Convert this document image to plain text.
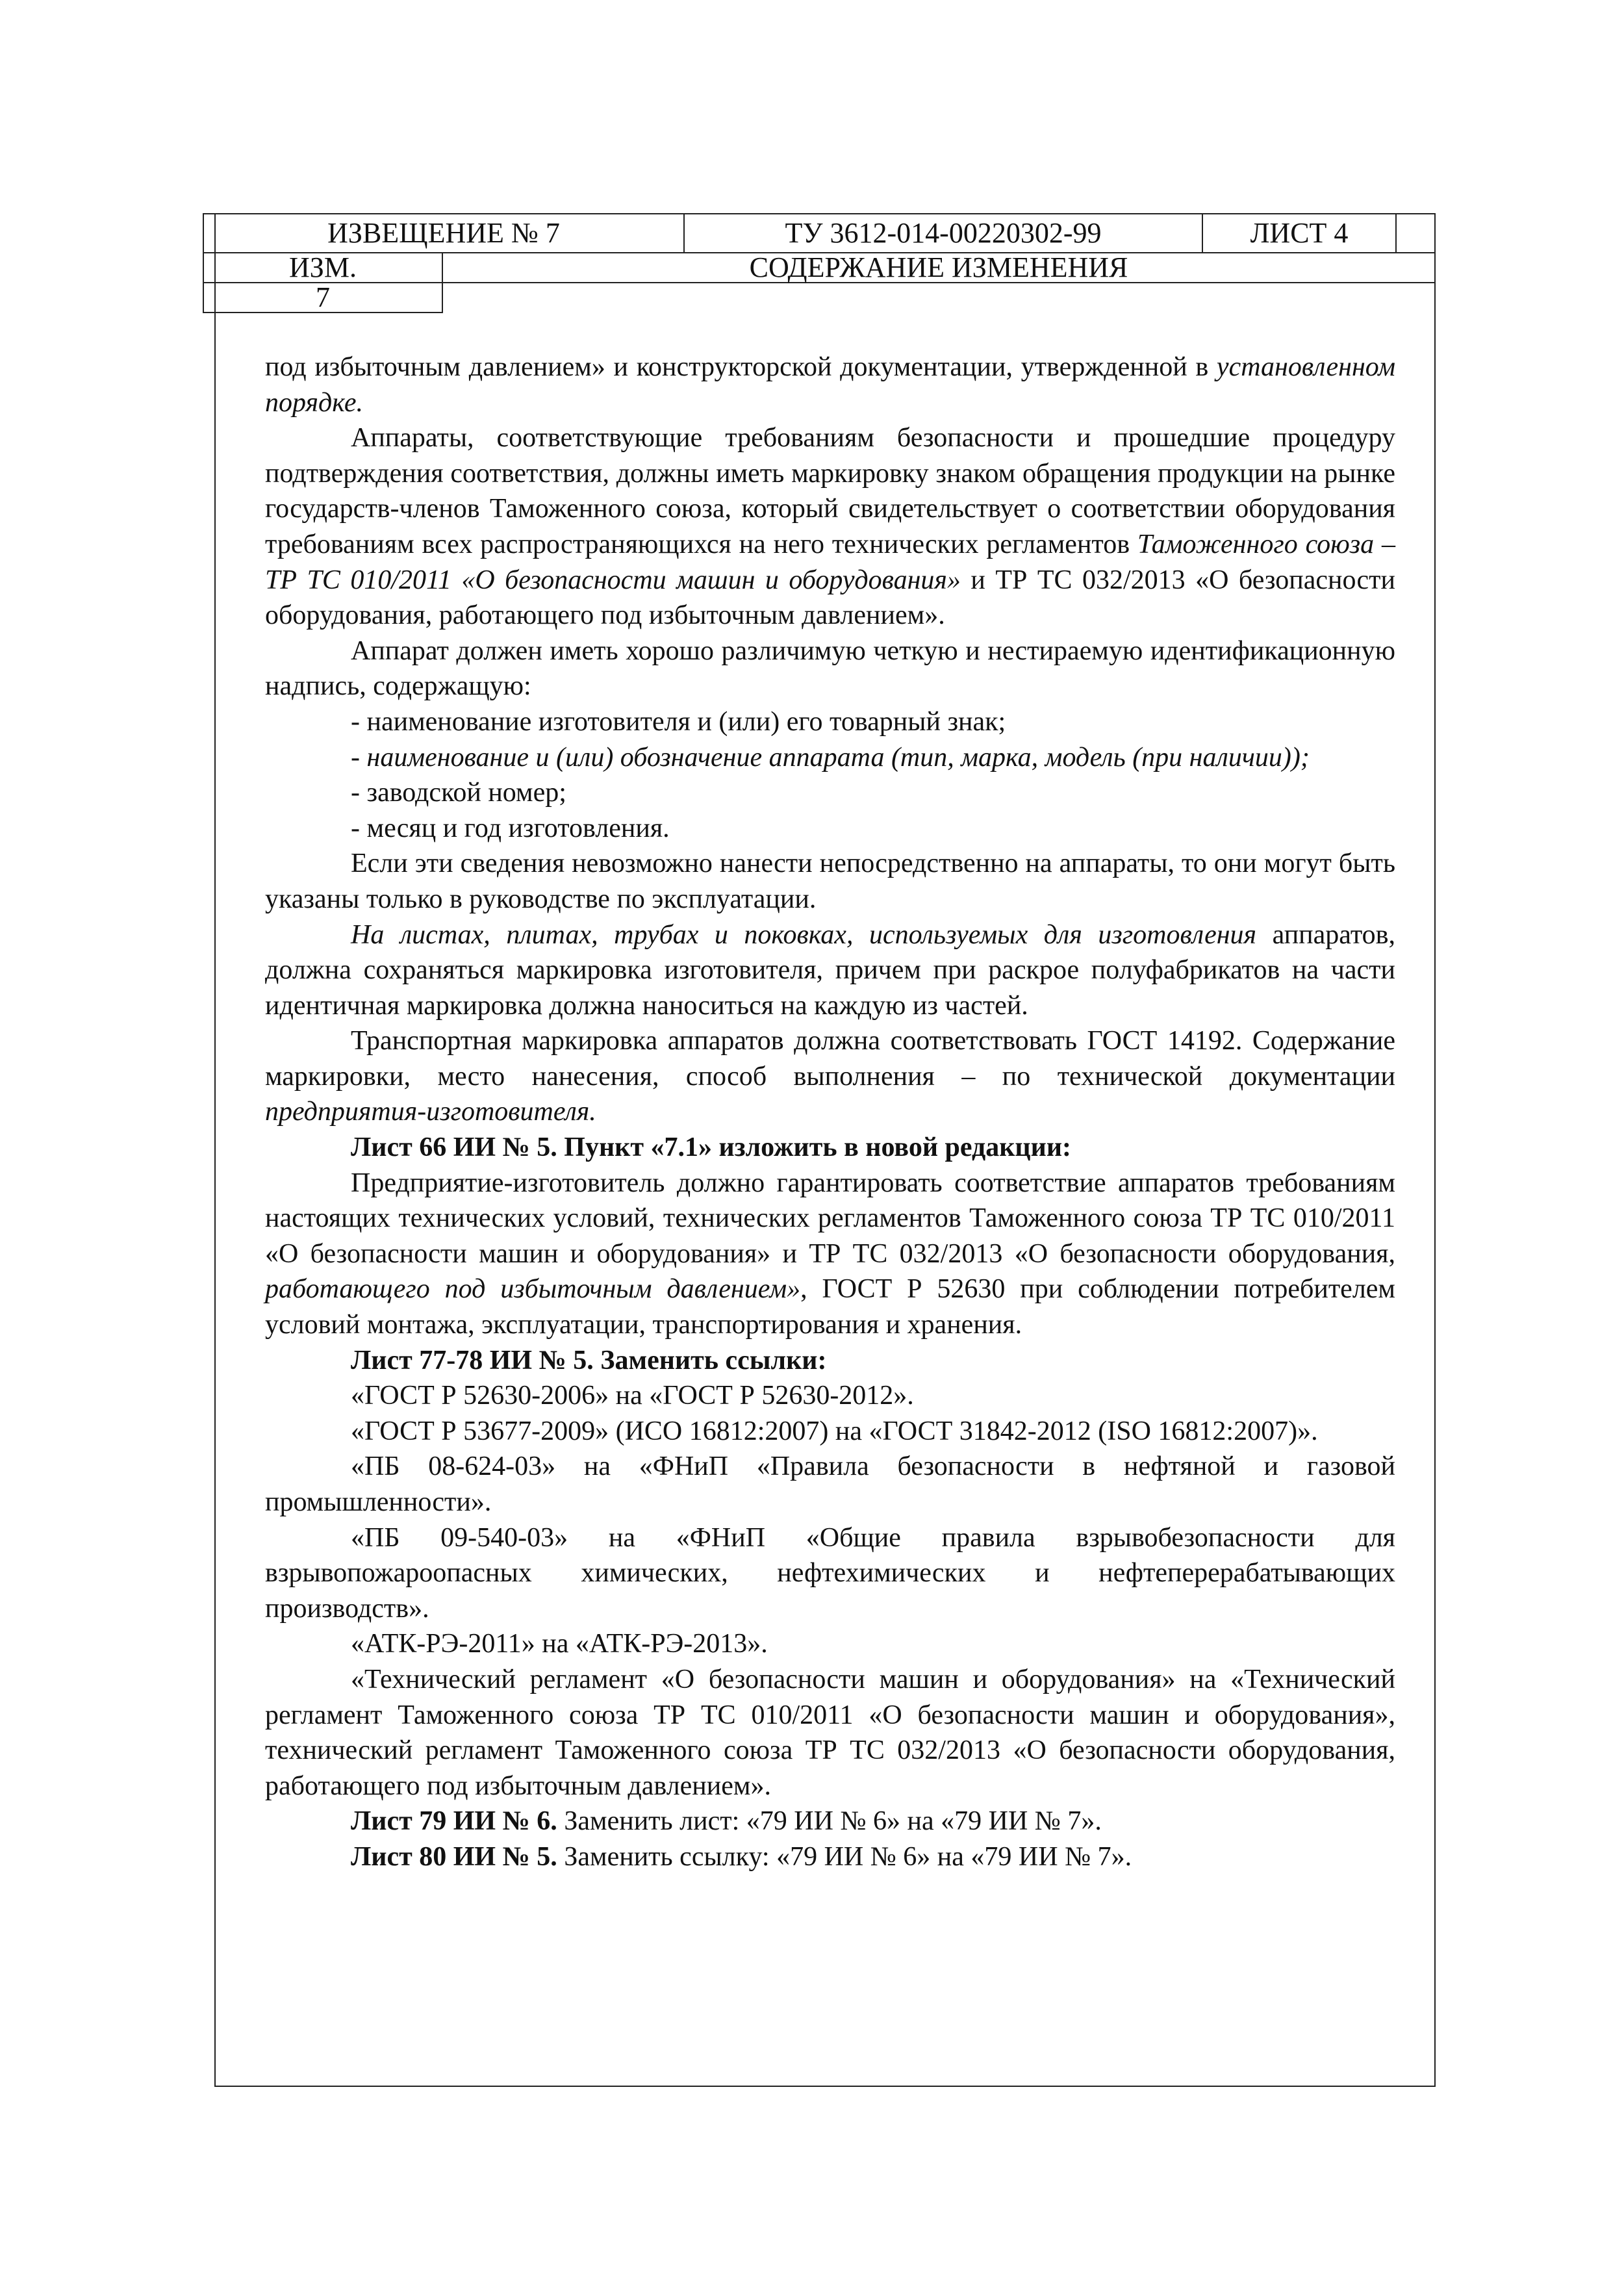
ИЗВЕЩЕНИЕ № 7	ТУ 3612-014-00220302-99	ЛИСТ 4
ИЗМ.	СОДЕРЖАНИЕ ИЗМЕНЕНИЯ
7

под избыточным давлением» и конструкторской документации, утвержденной в установленном порядке.

Аппараты, соответствующие требованиям безопасности и прошедшие процедуру подтверждения соответствия, должны иметь маркировку знаком обращения продукции на рынке государств-членов Таможенного союза, который свидетельствует о соответствии оборудования требованиям всех распространяющихся на него технических регламентов Таможенного союза – ТР ТС 010/2011 «О безопасности машин и оборудования» и ТР ТС 032/2013 «О безопасности оборудования, работающего под избыточным давлением».

Аппарат должен иметь хорошо различимую четкую и нестираемую идентификационную надпись, содержащую:

- наименование изготовителя и (или) его товарный знак;

- наименование и (или) обозначение аппарата (тип, марка, модель (при наличии));

- заводской номер;

- месяц и год изготовления.

Если эти сведения невозможно нанести непосредственно на аппараты, то они могут быть указаны только в руководстве по эксплуатации.

На листах, плитах, трубах и поковках, используемых для изготовления аппаратов, должна сохраняться маркировка изготовителя, причем при раскрое полуфабрикатов на части идентичная маркировка должна наноситься на каждую из частей.

Транспортная маркировка аппаратов должна соответствовать ГОСТ 14192. Содержание маркировки, место нанесения, способ выполнения – по технической документации предприятия-изготовителя.

Лист 66 ИИ № 5. Пункт «7.1» изложить в новой редакции:

Предприятие-изготовитель должно гарантировать соответствие аппаратов требованиям настоящих технических условий, технических регламентов Таможенного союза ТР ТС 010/2011 «О безопасности машин и оборудования» и ТР ТС 032/2013 «О безопасности оборудования, работающего под избыточным давлением», ГОСТ Р 52630 при соблюдении потребителем условий монтажа, эксплуатации, транспортирования и хранения.

Лист 77-78 ИИ № 5. Заменить ссылки:

«ГОСТ Р 52630-2006» на «ГОСТ Р 52630-2012».

«ГОСТ Р 53677-2009» (ИСО 16812:2007) на «ГОСТ 31842-2012 (ISO 16812:2007)».

«ПБ 08-624-03» на «ФНиП «Правила безопасности в нефтяной и газовой промышленности».

«ПБ 09-540-03» на «ФНиП «Общие правила взрывобезопасности для взрывопожароопасных химических, нефтехимических и нефтеперерабатывающих производств».

«АТК-РЭ-2011» на «АТК-РЭ-2013».

«Технический регламент «О безопасности машин и оборудования» на «Технический регламент Таможенного союза ТР ТС 010/2011 «О безопасности машин и оборудования», технический регламент Таможенного союза ТР ТС 032/2013 «О безопасности оборудования, работающего под избыточным давлением».

Лист 79 ИИ № 6. Заменить лист: «79 ИИ № 6» на «79 ИИ № 7».

Лист 80 ИИ № 5. Заменить ссылку: «79 ИИ № 6» на «79 ИИ № 7».
